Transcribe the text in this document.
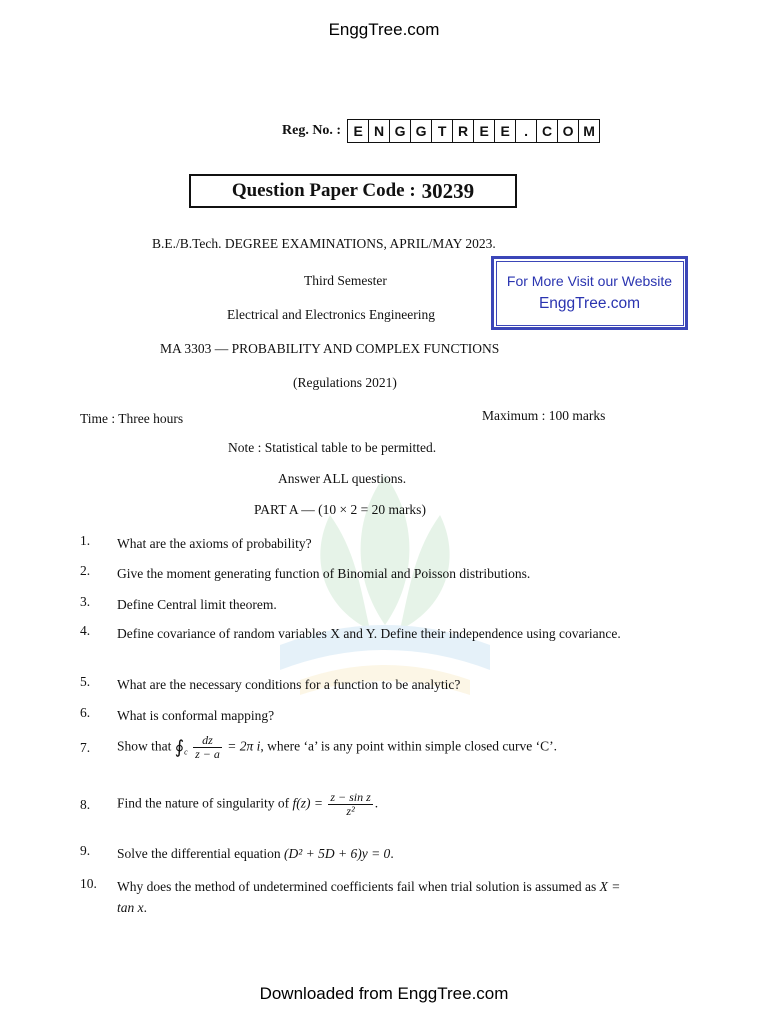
EnggTree.com
Reg. No. : E N G G T R E E	.	C O M
Question Paper Code : 30239
B.E./B.Tech. DEGREE EXAMINATIONS, APRIL/MAY 2023.
Third Semester
Electrical and Electronics Engineering
MA 3303 — PROBABILITY AND COMPLEX FUNCTIONS
(Regulations 2021)
For More Visit our Website
EnggTree.com
Time : Three hours	Maximum : 100 marks
Note : Statistical table to be permitted.
Answer ALL questions.
PART A — (10 × 2 = 20 marks)
1.	What are the axioms of probability?
2.	Give the moment generating function of Binomial and Poisson distributions.
3.	Define Central limit theorem.
4.	Define covariance of random variables X and Y. Define their independence using covariance.
5.	What are the necessary conditions for a function to be analytic?
6.	What is conformal mapping?
7.	Show that $∮_c \frac{dz}{z - a} = 2\pi$ i, where ‘a’ is any point within simple closed curve ‘C’.
8.	Find the nature of singularity of $f(z) = \frac{\text{z − sin z}}{\text{z²}}$ .
9.	Solve the differential equation (D² + 5D + 6)y = 0.
10.	Why does the method of undetermined coefficients fail when trial solution is assumed as X = tan x.
Downloaded from EnggTree.com
